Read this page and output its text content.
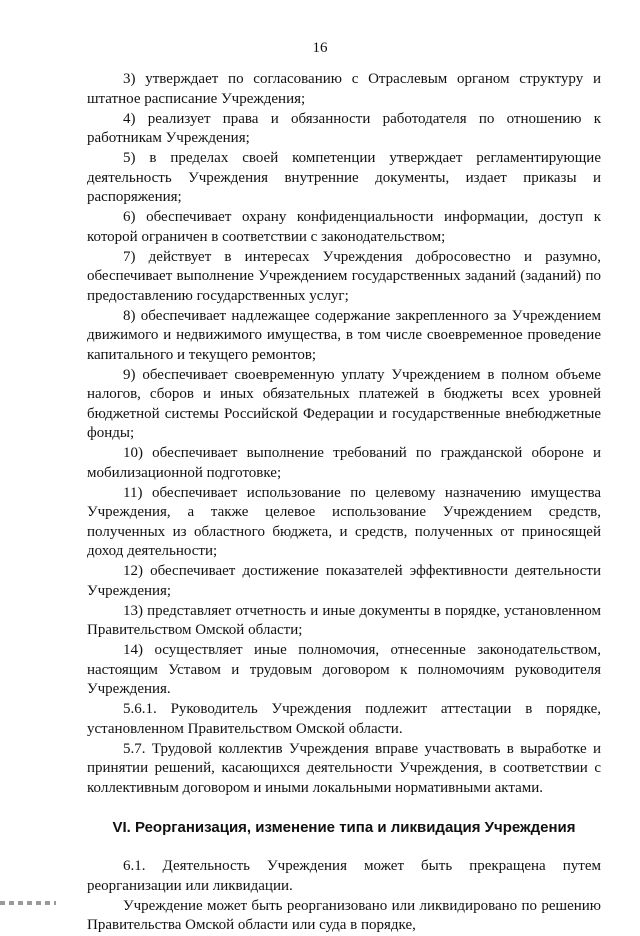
16

3) утверждает по согласованию с Отраслевым органом структуру и штатное расписание Учреждения;

4) реализует права и обязанности работодателя по отношению к работникам Учреждения;

5) в пределах своей компетенции утверждает регламентирующие деятельность Учреждения внутренние документы, издает приказы и распоряжения;

6) обеспечивает охрану конфиденциальности информации, доступ к которой ограничен в соответствии с законодательством;

7) действует в интересах Учреждения добросовестно и разумно, обеспечивает выполнение Учреждением государственных заданий (заданий) по предоставлению государственных услуг;

8) обеспечивает надлежащее содержание закрепленного за Учреждением движимого и недвижимого имущества, в том числе своевременное проведение капитального и текущего ремонтов;

9) обеспечивает своевременную уплату Учреждением в полном объеме налогов, сборов и иных обязательных платежей в бюджеты всех уровней бюджетной системы Российской Федерации и государственные внебюджетные фонды;

10) обеспечивает выполнение требований по гражданской обороне и мобилизационной подготовке;

11) обеспечивает использование по целевому назначению имущества Учреждения, а также целевое использование Учреждением средств, полученных из областного бюджета, и средств, полученных от приносящей доход деятельности;

12) обеспечивает достижение показателей эффективности деятельности Учреждения;

13) представляет отчетность и иные документы в порядке, установленном Правительством Омской области;

14) осуществляет иные полномочия, отнесенные законодательством, настоящим Уставом и трудовым договором к полномочиям руководителя Учреждения.

5.6.1. Руководитель Учреждения подлежит аттестации в порядке, установленном Правительством Омской области.

5.7. Трудовой коллектив Учреждения вправе участвовать в выработке и принятии решений, касающихся деятельности Учреждения, в соответствии с коллективным договором и иными локальными нормативными актами.

VI. Реорганизация, изменение типа и ликвидация Учреждения

6.1. Деятельность Учреждения может быть прекращена путем реорганизации или ликвидации.

Учреждение может быть реорганизовано или ликвидировано по решению Правительства Омской области или суда в порядке,
